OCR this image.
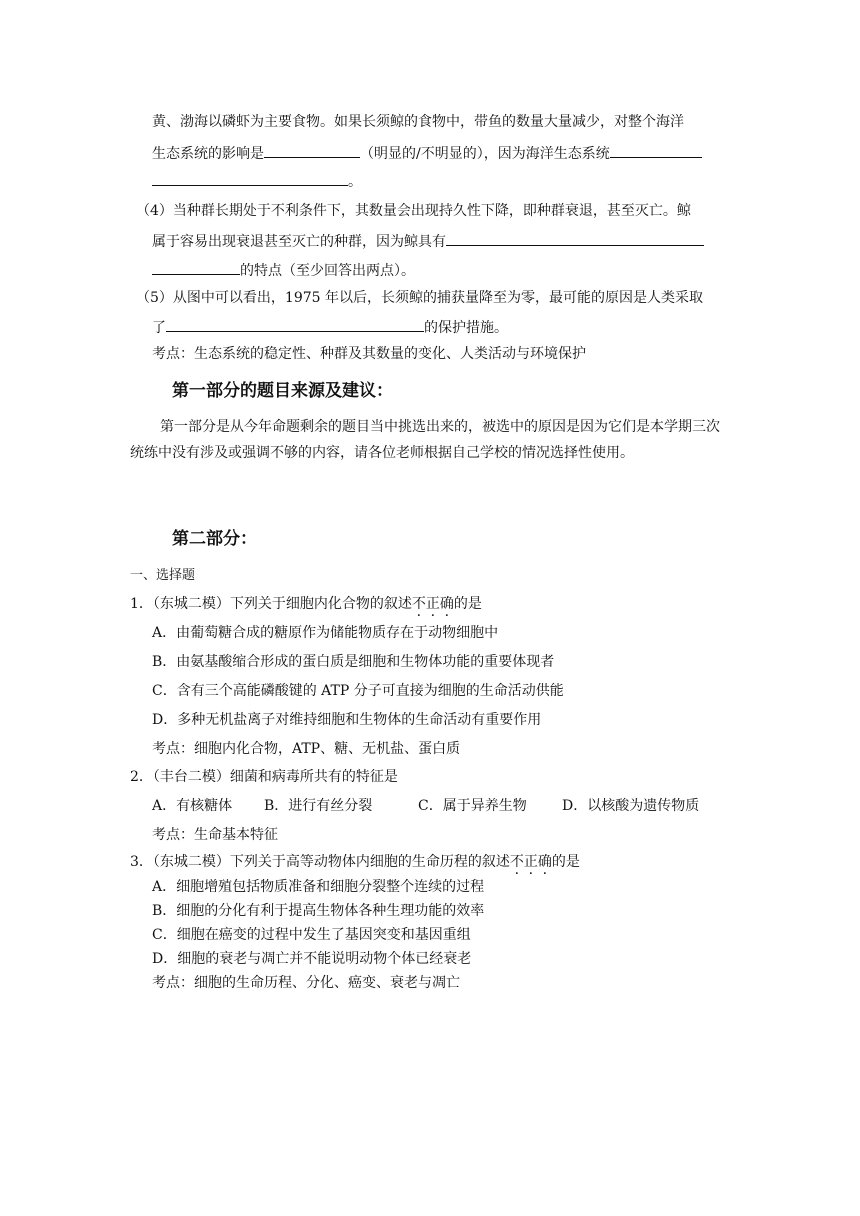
黄、渤海以磷虾为主要食物。如果长须鲸的食物中，带鱼的数量大量减少，对整个海洋
生态系统的影响是	（明显的/不明显的），因为海洋生态系统
。
（4）当种群长期处于不利条件下，其数量会出现持久性下降，即种群衰退，甚至灭亡。鲸
属于容易出现衰退甚至灭亡的种群，因为鲸具有
的特点（至少回答出两点）。
（5）从图中可以看出，1975 年以后，长须鲸的捕获量降至为零，最可能的原因是人类采取
了	的保护措施。
考点：生态系统的稳定性、种群及其数量的变化、人类活动与环境保护
第一部分的题目来源及建议：
第一部分是从今年命题剩余的题目当中挑选出来的，被选中的原因是因为它们是本学期三次统练中没有涉及或强调不够的内容，请各位老师根据自己学校的情况选择性使用。
第二部分：
一、选择题
1．（东城二模）下列关于细胞内化合物的叙述不正确的是
A．由葡萄糖合成的糖原作为储能物质存在于动物细胞中
B．由氨基酸缩合形成的蛋白质是细胞和生物体功能的重要体现者
C．含有三个高能磷酸键的 ATP 分子可直接为细胞的生命活动供能
D．多种无机盐离子对维持细胞和生物体的生命活动有重要作用
考点：细胞内化合物，ATP、糖、无机盐、蛋白质
2．（丰台二模）细菌和病毒所共有的特征是
A．有核糖体 B．进行有丝分裂	C．属于异养生物	D．以核酸为遗传物质
考点：生命基本特征
3．（东城二模）下列关于高等动物体内细胞的生命历程的叙述不正确的是
A．细胞增殖包括物质准备和细胞分裂整个连续的过程
B．细胞的分化有利于提高生物体各种生理功能的效率
C．细胞在癌变的过程中发生了基因突变和基因重组
D．细胞的衰老与凋亡并不能说明动物个体已经衰老
考点：细胞的生命历程、分化、癌变、衰老与凋亡
